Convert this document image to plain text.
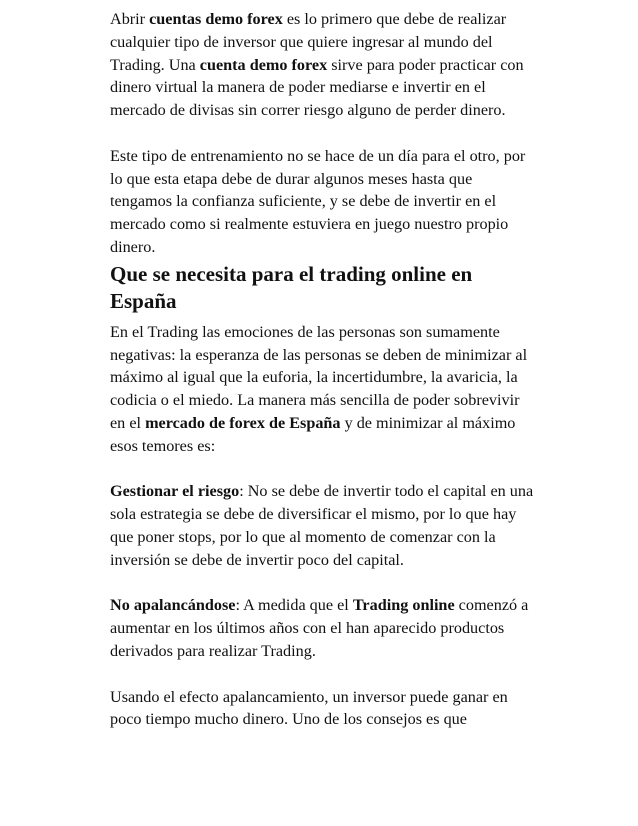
Abrir cuentas demo forex es lo primero que debe de realizar cualquier tipo de inversor que quiere ingresar al mundo del Trading. Una cuenta demo forex sirve para poder practicar con dinero virtual la manera de poder mediarse e invertir en el mercado de divisas sin correr riesgo alguno de perder dinero.

Este tipo de entrenamiento no se hace de un día para el otro, por lo que esta etapa debe de durar algunos meses hasta que tengamos la confianza suficiente, y se debe de invertir en el mercado como si realmente estuviera en juego nuestro propio dinero.

Que se necesita para el trading online en España

En el Trading las emociones de las personas son sumamente negativas: la esperanza de las personas se deben de minimizar al máximo al igual que la euforia, la incertidumbre, la avaricia, la codicia o el miedo. La manera más sencilla de poder sobrevivir en el mercado de forex de España y de minimizar al máximo esos temores es:

Gestionar el riesgo: No se debe de invertir todo el capital en una sola estrategia se debe de diversificar el mismo, por lo que hay que poner stops, por lo que al momento de comenzar con la inversión se debe de invertir poco del capital.

No apalancándose: A medida que el Trading online comenzó a aumentar en los últimos años con el han aparecido productos derivados para realizar Trading.

Usando el efecto apalancamiento, un inversor puede ganar en poco tiempo mucho dinero. Uno de los consejos es que
